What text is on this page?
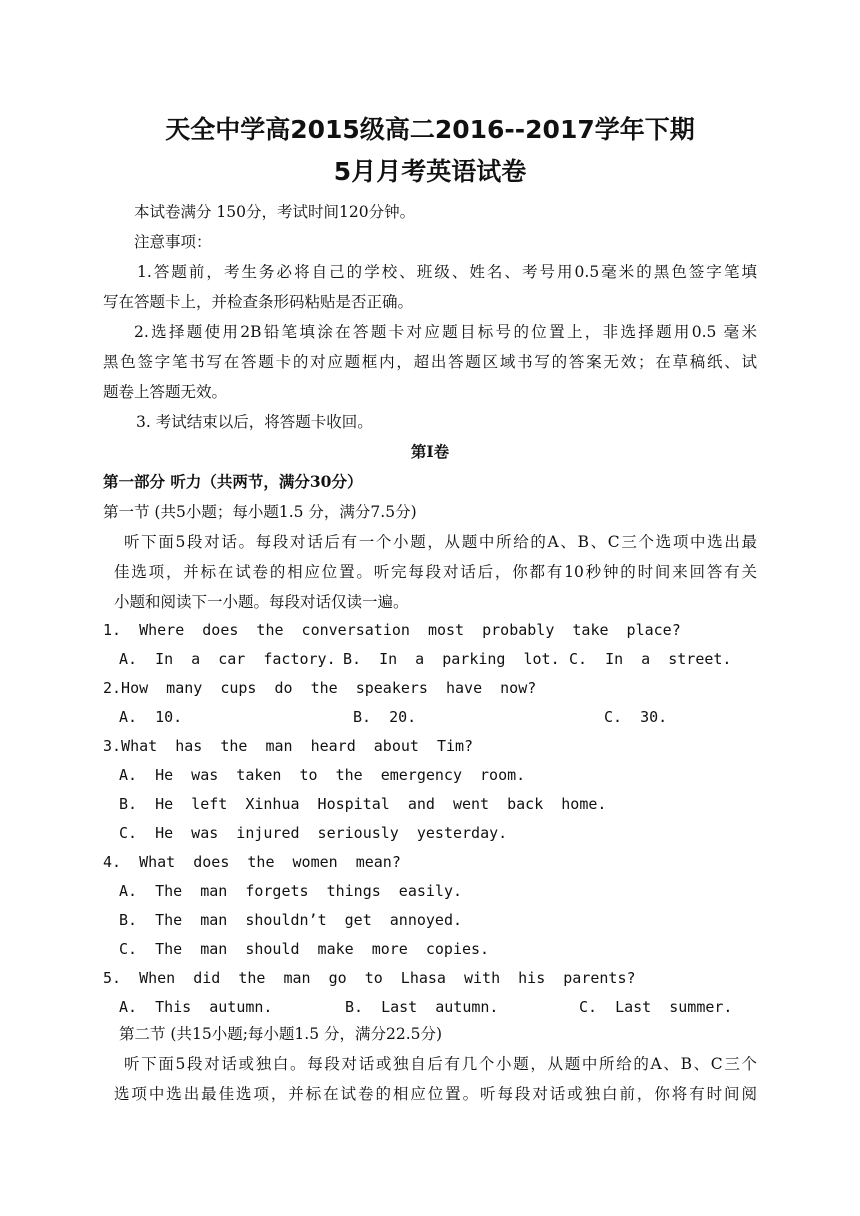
天全中学高2015级高二2016--2017学年下期
5月月考英语试卷
本试卷满分 150分，考试时间120分钟。
注意事项：
1.答题前，考生务必将自己的学校、班级、姓名、考号用0.5毫米的黑色签字笔填
写在答题卡上，并检查条形码粘贴是否正确。
2.选择题使用2B铅笔填涂在答题卡对应题目标号的位置上，非选择题用0.5 毫米
黑色签字笔书写在答题卡的对应题框内，超出答题区域书写的答案无效；在草稿纸、试
题卷上答题无效。
3. 考试结束以后，将答题卡收回。
第Ⅰ卷
第一部分 听力（共两节，满分30分）
第一节 (共5小题；每小题1.5 分，满分7.5分)
听下面5段对话。每段对话后有一个小题，从题中所给的A、B、C三个选项中选出最
佳选项，并标在试卷的相应位置。听完每段对话后，你都有10秒钟的时间来回答有关
小题和阅读下一小题。每段对话仅读一遍。
1. Where does the conversation most probably take place?
A. In a car factory. B. In a parking lot. C. In a street.
2.How many cups do the speakers have now?
A. 10.	B. 20.	C. 30.
3.What has the man heard about Tim?
A. He was taken to the emergency room.
B. He left Xinhua Hospital and went back home.
C. He was injured seriously yesterday.
4. What does the women mean?
A. The man forgets things easily.
B. The man shouldn’t get annoyed.
C. The man should make more copies.
5. When did the man go to Lhasa with his parents?
A. This autumn.	B. Last autumn.	C. Last summer.
第二节 (共15小题;每小题1.5 分，满分22.5分)
听下面5段对话或独白。每段对话或独自后有几个小题，从题中所给的A、B、C三个
选项中选出最佳选项，并标在试卷的相应位置。听每段对话或独白前，你将有时间阅
